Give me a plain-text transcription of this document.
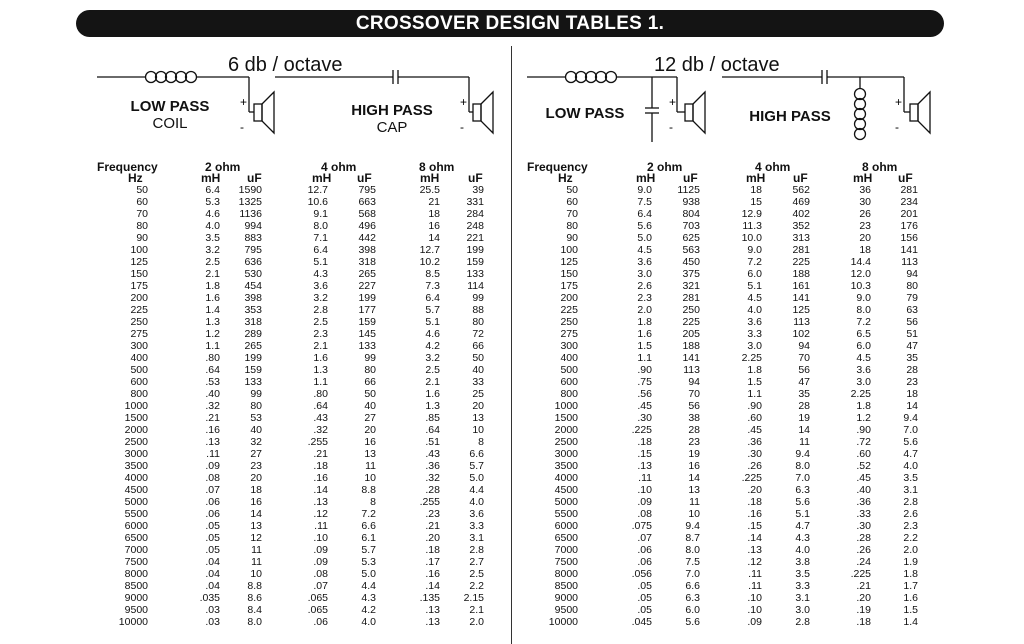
CROSSOVER DESIGN TABLES 1.
6 db / octave
+
-
+
-
LOW PASS
COIL
HIGH PASS
CAP
12 db / octave
+
-
+
-
LOW PASS	HIGH PASS
Frequency
Hz
2 ohm	4 ohm	8 ohm
mH uF	mH uF	mH uF
50	6.4	1590	12.7	795	25.5	39
60	5.3	1325	10.6	663	21	331
70	4.6	1136	9.1	568	18	284
80	4.0	994	8.0	496	16	248
90	3.5	883	7.1	442	14	221
100	3.2	795	6.4	398	12.7	199
125	2.5	636	5.1	318	10.2	159
150	2.1	530	4.3	265	8.5	133
175	1.8	454	3.6	227	7.3	114
200	1.6	398	3.2	199	6.4	99
225	1.4	353	2.8	177	5.7	88
250	1.3	318	2.5	159	5.1	80
275	1.2	289	2.3	145	4.6	72
300	1.1	265	2.1	133	4.2	66
400	.80	199	1.6	99	3.2	50
500	.64	159	1.3	80	2.5	40
600	.53	133	1.1	66	2.1	33
800	.40	99	.80	50	1.6	25
1000	.32	80	.64	40	1.3	20
1500	.21	53	.43	27	.85	13
2000	.16	40	.32	20	.64	10
2500	.13	32	.255	16	.51	8
3000	.11	27	.21	13	.43	6.6
3500	.09	23	.18	11	.36	5.7
4000	.08	20	.16	10	.32	5.0
4500	.07	18	.14	8.8	.28	4.4
5000	.06	16	.13	8	.255	4.0
5500	.06	14	.12	7.2	.23	3.6
6000	.05	13	.11	6.6	.21	3.3
6500	.05	12	.10	6.1	.20	3.1
7000	.05	11	.09	5.7	.18	2.8
7500	.04	11	.09	5.3	.17	2.7
8000	.04	10	.08	5.0	.16	2.5
8500	.04	8.8	.07	4.4	.14	2.2
9000	.035	8.6	.065	4.3	.135	2.15
9500	.03	8.4	.065	4.2	.13	2.1
10000	.03	8.0	.06	4.0	.13	2.0
Frequency
Hz
2 ohm	4 ohm	8 ohm
mH uF	mH uF	mH uF
50	9.0	1125	18	562	36	281
60	7.5	938	15	469	30	234
70	6.4	804	12.9	402	26	201
80	5.6	703	11.3	352	23	176
90	5.0	625	10.0	313	20	156
100	4.5	563	9.0	281	18	141
125	3.6	450	7.2	225	14.4	113
150	3.0	375	6.0	188	12.0	94
175	2.6	321	5.1	161	10.3	80
200	2.3	281	4.5	141	9.0	79
225	2.0	250	4.0	125	8.0	63
250	1.8	225	3.6	113	7.2	56
275	1.6	205	3.3	102	6.5	51
300	1.5	188	3.0	94	6.0	47
400	1.1	141	2.25	70	4.5	35
500	.90	113	1.8	56	3.6	28
600	.75	94	1.5	47	3.0	23
800	.56	70	1.1	35	2.25	18
1000	.45	56	.90	28	1.8	14
1500	.30	38	.60	19	1.2	9.4
2000	.225	28	.45	14	.90	7.0
2500	.18	23	.36	11	.72	5.6
3000	.15	19	.30	9.4	.60	4.7
3500	.13	16	.26	8.0	.52	4.0
4000	.11	14	.225	7.0	.45	3.5
4500	.10	13	.20	6.3	.40	3.1
5000	.09	11	.18	5.6	.36	2.8
5500	.08	10	.16	5.1	.33	2.6
6000	.075	9.4	.15	4.7	.30	2.3
6500	.07	8.7	.14	4.3	.28	2.2
7000	.06	8.0	.13	4.0	.26	2.0
7500	.06	7.5	.12	3.8	.24	1.9
8000	.056	7.0	.11	3.5	.225	1.8
8500	.05	6.6	.11	3.3	.21	1.7
9000	.05	6.3	.10	3.1	.20	1.6
9500	.05	6.0	.10	3.0	.19	1.5
10000	.045	5.6	.09	2.8	.18	1.4
